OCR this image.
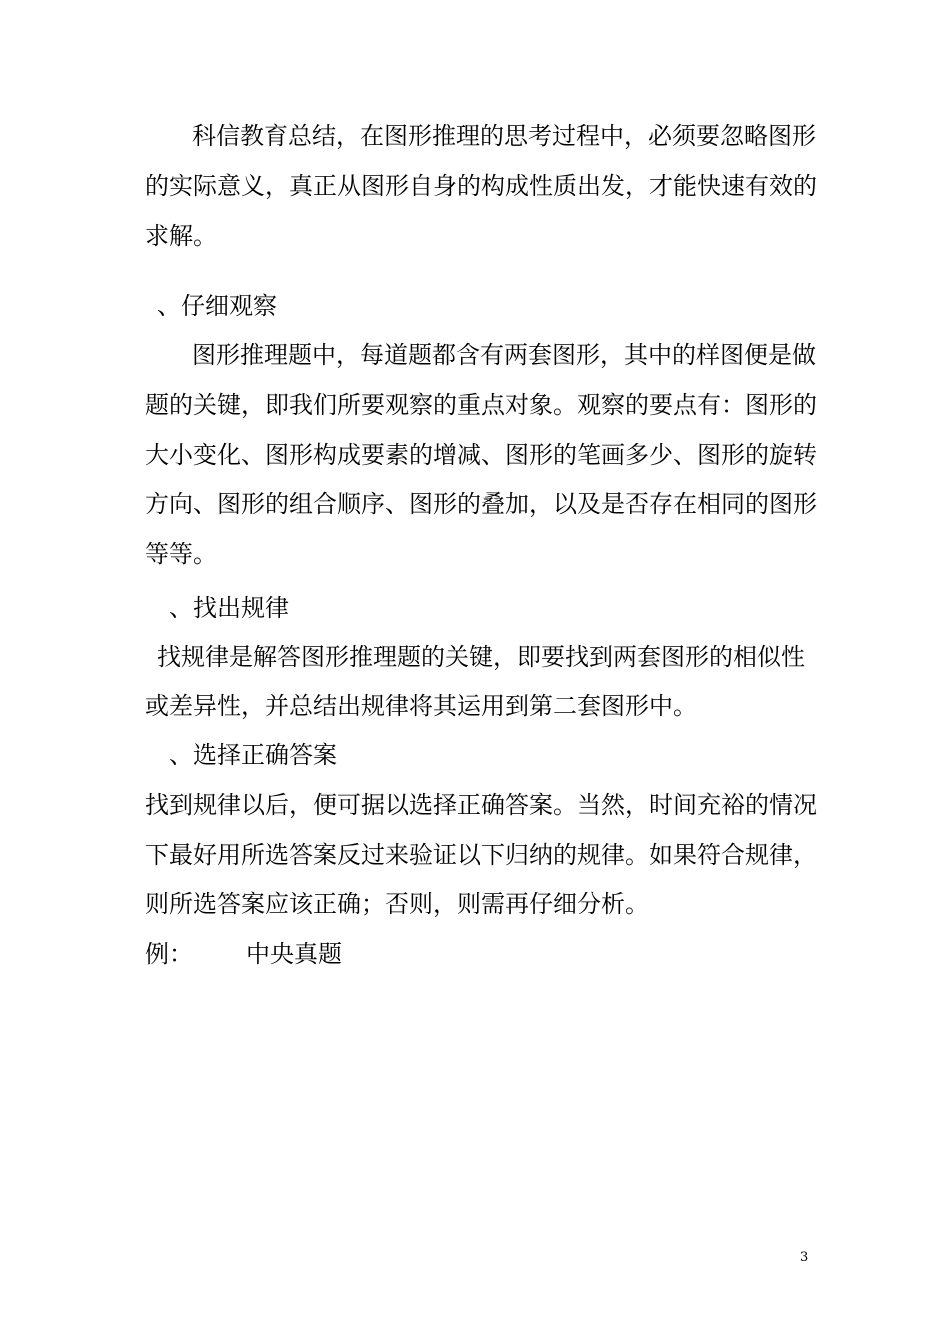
科信教育总结，在图形推理的思考过程中，必须要忽略图形
的实际意义，真正从图形自身的构成性质出发，才能快速有效的
求解。
、仔细观察
图形推理题中，每道题都含有两套图形，其中的样图便是做
题的关键，即我们所要观察的重点对象。观察的要点有：图形的
大小变化、图形构成要素的增减、图形的笔画多少、图形的旋转
方向、图形的组合顺序、图形的叠加，以及是否存在相同的图形
等等。
、找出规律
找规律是解答图形推理题的关键，即要找到两套图形的相似性
或差异性，并总结出规律将其运用到第二套图形中。
、选择正确答案
找到规律以后，便可据以选择正确答案。当然，时间充裕的情况
下最好用所选答案反过来验证以下归纳的规律。如果符合规律，
则所选答案应该正确；否则，则需再仔细分析。
例： 中央真题
3
